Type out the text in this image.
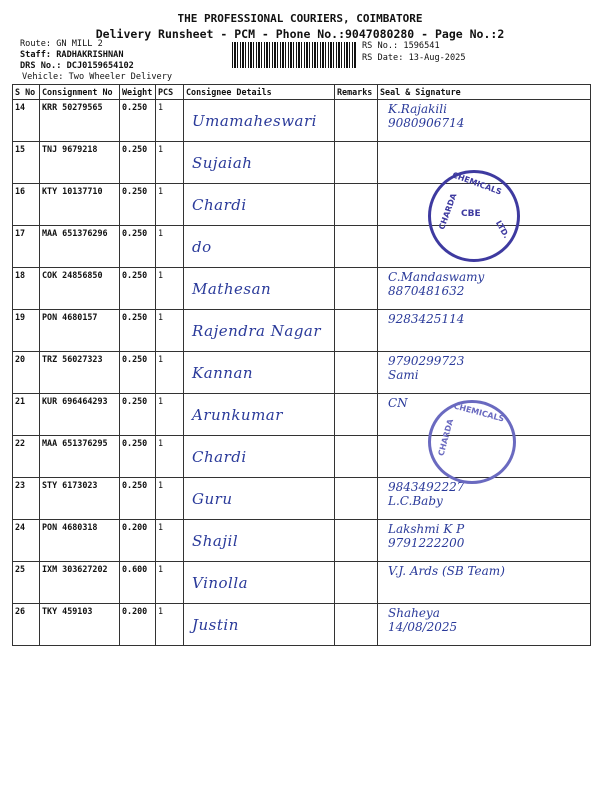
THE PROFESSIONAL COURIERS, COIMBATORE
Delivery Runsheet - PCM - Phone No.:9047080280 - Page No.:2
Route: GN MILL 2
Staff: RADHAKRISHNAN
DRS No.: DCJ0159654102
Vehicle: Two Wheeler Delivery
RS No.: 1596541
RS Date: 13-Aug-2025
S No	Consignment No	Weight	PCS	Consignee Details	Remarks	Seal & Signature
14	KRR 50279565	0.250	1	Umamaheswari		K.Rajakili
9080906714

15	TNJ 9679218	0.250	1	Sujaiah		

16	KTY 10137710	0.250	1	Chardi		

17	MAA 651376296	0.250	1	do		

18	COK 24856850	0.250	1	Mathesan		C.Mandaswamy
8870481632

19	PON 4680157	0.250	1	Rajendra Nagar		9283425114

20	TRZ 56027323	0.250	1	Kannan		9790299723
Sami

21	KUR 696464293	0.250	1	Arunkumar		CN

22	MAA 651376295	0.250	1	Chardi		

23	STY 6173023	0.250	1	Guru		9843492227
L.C.Baby

24	PON 4680318	0.200	1	Shajil		Lakshmi K P
9791222200

25	IXM 303627202	0.600	1	Vinolla		V.J. Ards (SB Team)

26	TKY 459103	0.200	1	Justin		Shaheya
14/08/2025
CHEMICALS
CHARDA	LTD.
CBE
CHEMICALS
CHARDA
